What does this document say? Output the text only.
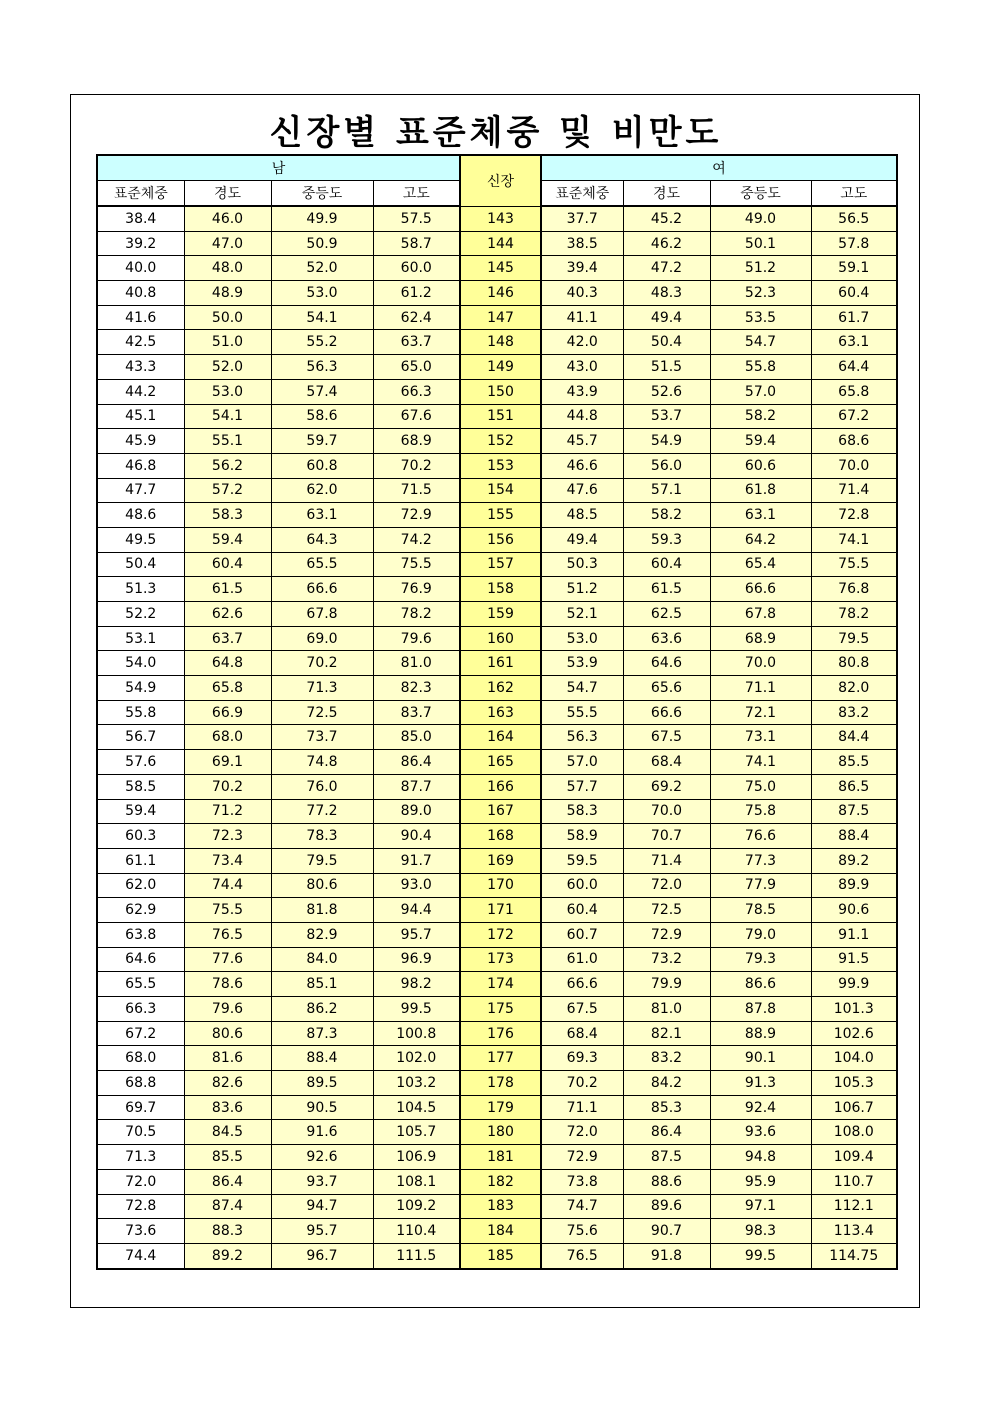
신장별 표준체중 및 비만도
남				신장	여			
표준체중	경도	중등도	고도		표준체중	경도	중등도	고도
38.4	46.0	49.9	57.5	143	37.7	45.2	49.0	56.5
39.2	47.0	50.9	58.7	144	38.5	46.2	50.1	57.8
40.0	48.0	52.0	60.0	145	39.4	47.2	51.2	59.1
40.8	48.9	53.0	61.2	146	40.3	48.3	52.3	60.4
41.6	50.0	54.1	62.4	147	41.1	49.4	53.5	61.7
42.5	51.0	55.2	63.7	148	42.0	50.4	54.7	63.1
43.3	52.0	56.3	65.0	149	43.0	51.5	55.8	64.4
44.2	53.0	57.4	66.3	150	43.9	52.6	57.0	65.8
45.1	54.1	58.6	67.6	151	44.8	53.7	58.2	67.2
45.9	55.1	59.7	68.9	152	45.7	54.9	59.4	68.6
46.8	56.2	60.8	70.2	153	46.6	56.0	60.6	70.0
47.7	57.2	62.0	71.5	154	47.6	57.1	61.8	71.4
48.6	58.3	63.1	72.9	155	48.5	58.2	63.1	72.8
49.5	59.4	64.3	74.2	156	49.4	59.3	64.2	74.1
50.4	60.4	65.5	75.5	157	50.3	60.4	65.4	75.5
51.3	61.5	66.6	76.9	158	51.2	61.5	66.6	76.8
52.2	62.6	67.8	78.2	159	52.1	62.5	67.8	78.2
53.1	63.7	69.0	79.6	160	53.0	63.6	68.9	79.5
54.0	64.8	70.2	81.0	161	53.9	64.6	70.0	80.8
54.9	65.8	71.3	82.3	162	54.7	65.6	71.1	82.0
55.8	66.9	72.5	83.7	163	55.5	66.6	72.1	83.2
56.7	68.0	73.7	85.0	164	56.3	67.5	73.1	84.4
57.6	69.1	74.8	86.4	165	57.0	68.4	74.1	85.5
58.5	70.2	76.0	87.7	166	57.7	69.2	75.0	86.5
59.4	71.2	77.2	89.0	167	58.3	70.0	75.8	87.5
60.3	72.3	78.3	90.4	168	58.9	70.7	76.6	88.4
61.1	73.4	79.5	91.7	169	59.5	71.4	77.3	89.2
62.0	74.4	80.6	93.0	170	60.0	72.0	77.9	89.9
62.9	75.5	81.8	94.4	171	60.4	72.5	78.5	90.6
63.8	76.5	82.9	95.7	172	60.7	72.9	79.0	91.1
64.6	77.6	84.0	96.9	173	61.0	73.2	79.3	91.5
65.5	78.6	85.1	98.2	174	66.6	79.9	86.6	99.9
66.3	79.6	86.2	99.5	175	67.5	81.0	87.8	101.3
67.2	80.6	87.3	100.8	176	68.4	82.1	88.9	102.6
68.0	81.6	88.4	102.0	177	69.3	83.2	90.1	104.0
68.8	82.6	89.5	103.2	178	70.2	84.2	91.3	105.3
69.7	83.6	90.5	104.5	179	71.1	85.3	92.4	106.7
70.5	84.5	91.6	105.7	180	72.0	86.4	93.6	108.0
71.3	85.5	92.6	106.9	181	72.9	87.5	94.8	109.4
72.0	86.4	93.7	108.1	182	73.8	88.6	95.9	110.7
72.8	87.4	94.7	109.2	183	74.7	89.6	97.1	112.1
73.6	88.3	95.7	110.4	184	75.6	90.7	98.3	113.4
74.4	89.2	96.7	111.5	185	76.5	91.8	99.5	114.75
